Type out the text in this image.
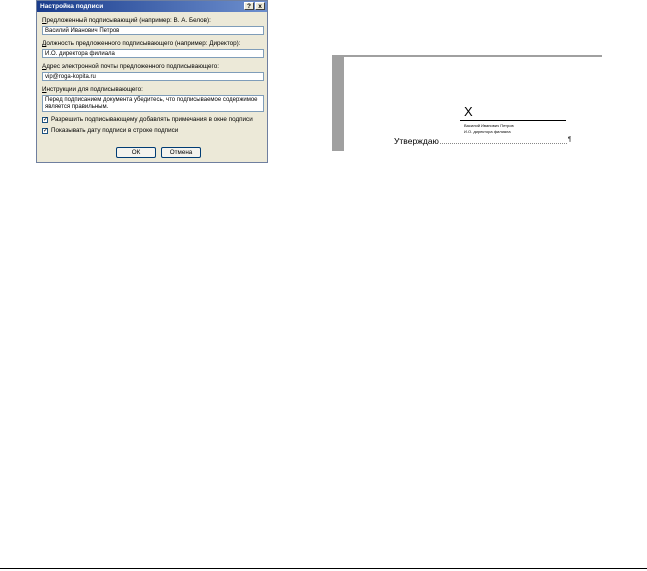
Настройка подписи	?	x
Предложенный подписывающий (например: В. А. Белов):
Василий Иванович Петров
Должность предложенного подписывающего (например: Директор):
И.О. директора филиала
Адрес электронной почты предложенного подписывающего:
vip@roga-kopita.ru
Инструкции для подписывающего:
Перед подписанием документа убедитесь, что подписываемое содержимое является правильным.
✓ Разрешить подписывающему добавлять примечания в окне подписи
✓ Показывать дату подписи в строке подписи
ОК	Отмена
X
Василий Иванович Петров
И.О. директора филиала
Утверждаю	¶
